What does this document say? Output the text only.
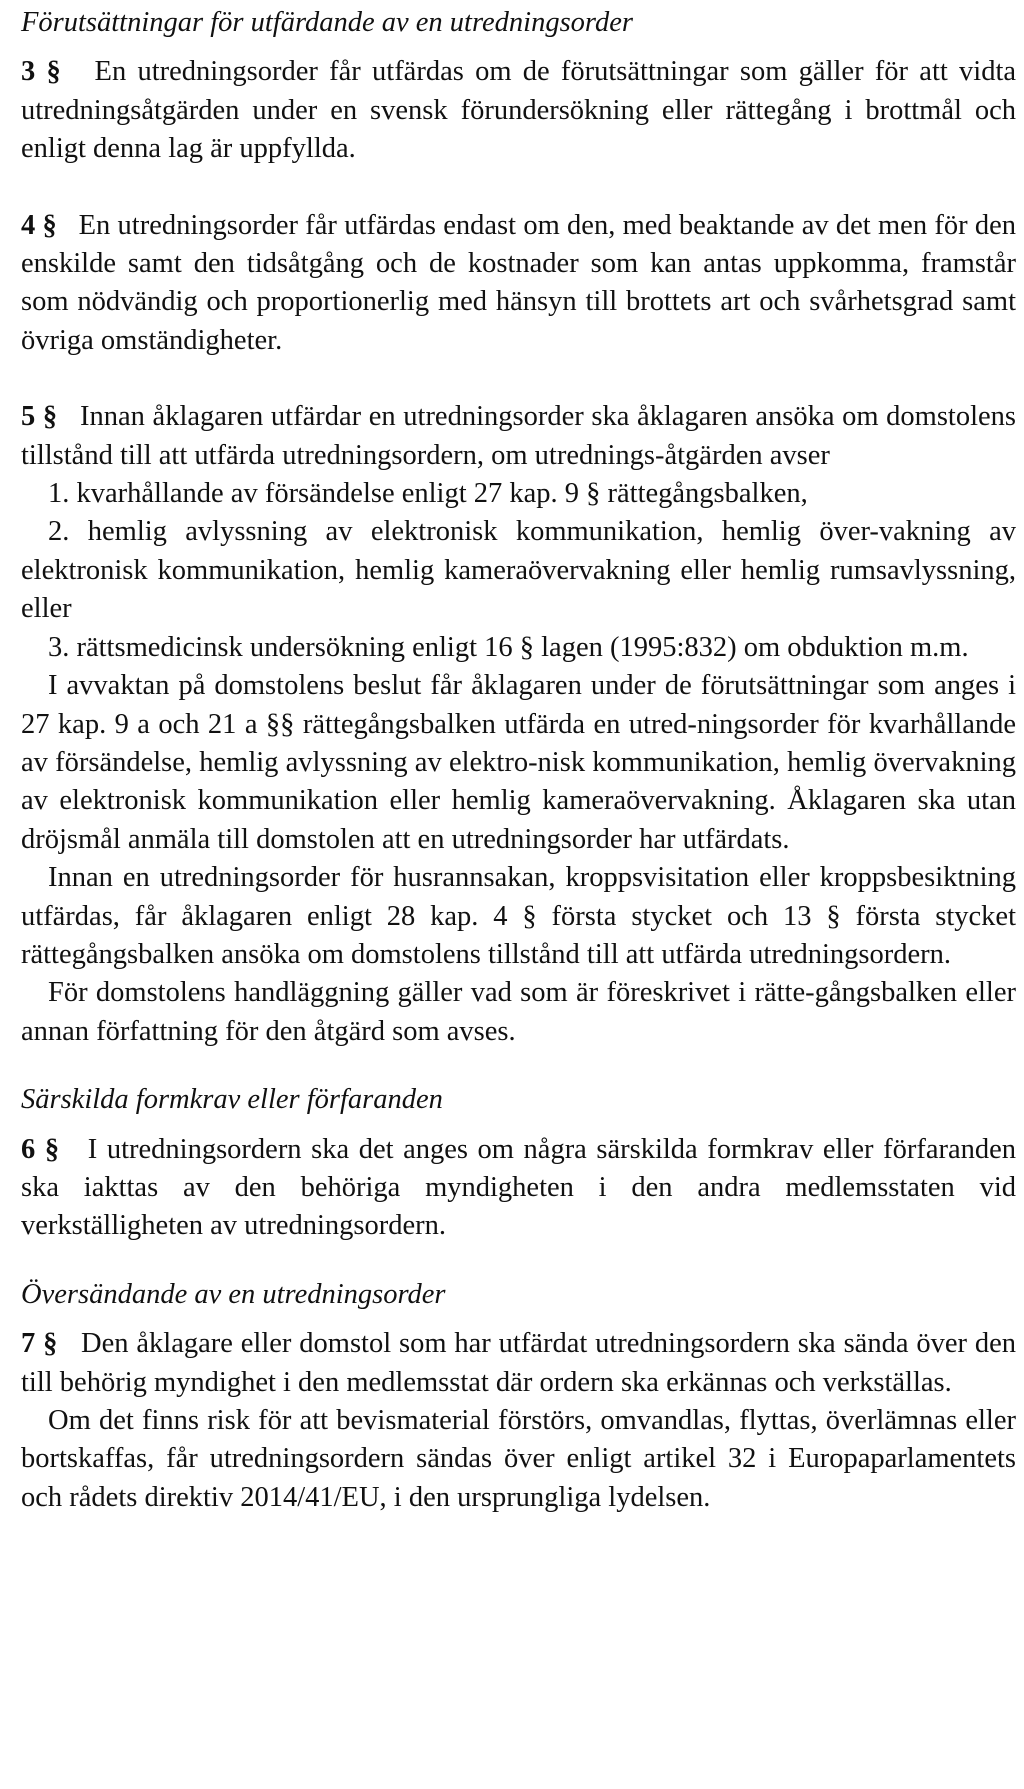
Förutsättningar för utfärdande av en utredningsorder

3 § En utredningsorder får utfärdas om de förutsättningar som gäller för att vidta utredningsåtgärden under en svensk förundersökning eller rättegång i brottmål och enligt denna lag är uppfyllda.

4 § En utredningsorder får utfärdas endast om den, med beaktande av det men för den enskilde samt den tidsåtgång och de kostnader som kan antas uppkomma, framstår som nödvändig och proportionerlig med hänsyn till brottets art och svårhetsgrad samt övriga omständigheter.

5 § Innan åklagaren utfärdar en utredningsorder ska åklagaren ansöka om domstolens tillstånd till att utfärda utredningsordern, om utrednings-åtgärden avser

1. kvarhållande av försändelse enligt 27 kap. 9 § rättegångsbalken,

2. hemlig avlyssning av elektronisk kommunikation, hemlig över-vakning av elektronisk kommunikation, hemlig kameraövervakning eller hemlig rumsavlyssning, eller

3. rättsmedicinsk undersökning enligt 16 § lagen (1995:832) om obduktion m.m.

I avvaktan på domstolens beslut får åklagaren under de förutsättningar som anges i 27 kap. 9 a och 21 a §§ rättegångsbalken utfärda en utred-ningsorder för kvarhållande av försändelse, hemlig avlyssning av elektro-nisk kommunikation, hemlig övervakning av elektronisk kommunikation eller hemlig kameraövervakning. Åklagaren ska utan dröjsmål anmäla till domstolen att en utredningsorder har utfärdats.

Innan en utredningsorder för husrannsakan, kroppsvisitation eller kroppsbesiktning utfärdas, får åklagaren enligt 28 kap. 4 § första stycket och 13 § första stycket rättegångsbalken ansöka om domstolens tillstånd till att utfärda utredningsordern.

För domstolens handläggning gäller vad som är föreskrivet i rätte-gångsbalken eller annan författning för den åtgärd som avses.

Särskilda formkrav eller förfaranden

6 § I utredningsordern ska det anges om några särskilda formkrav eller förfaranden ska iakttas av den behöriga myndigheten i den andra medlemsstaten vid verkställigheten av utredningsordern.

Översändande av en utredningsorder

7 § Den åklagare eller domstol som har utfärdat utredningsordern ska sända över den till behörig myndighet i den medlemsstat där ordern ska erkännas och verkställas.

Om det finns risk för att bevismaterial förstörs, omvandlas, flyttas, överlämnas eller bortskaffas, får utredningsordern sändas över enligt artikel 32 i Europaparlamentets och rådets direktiv 2014/41/EU, i den ursprungliga lydelsen.
